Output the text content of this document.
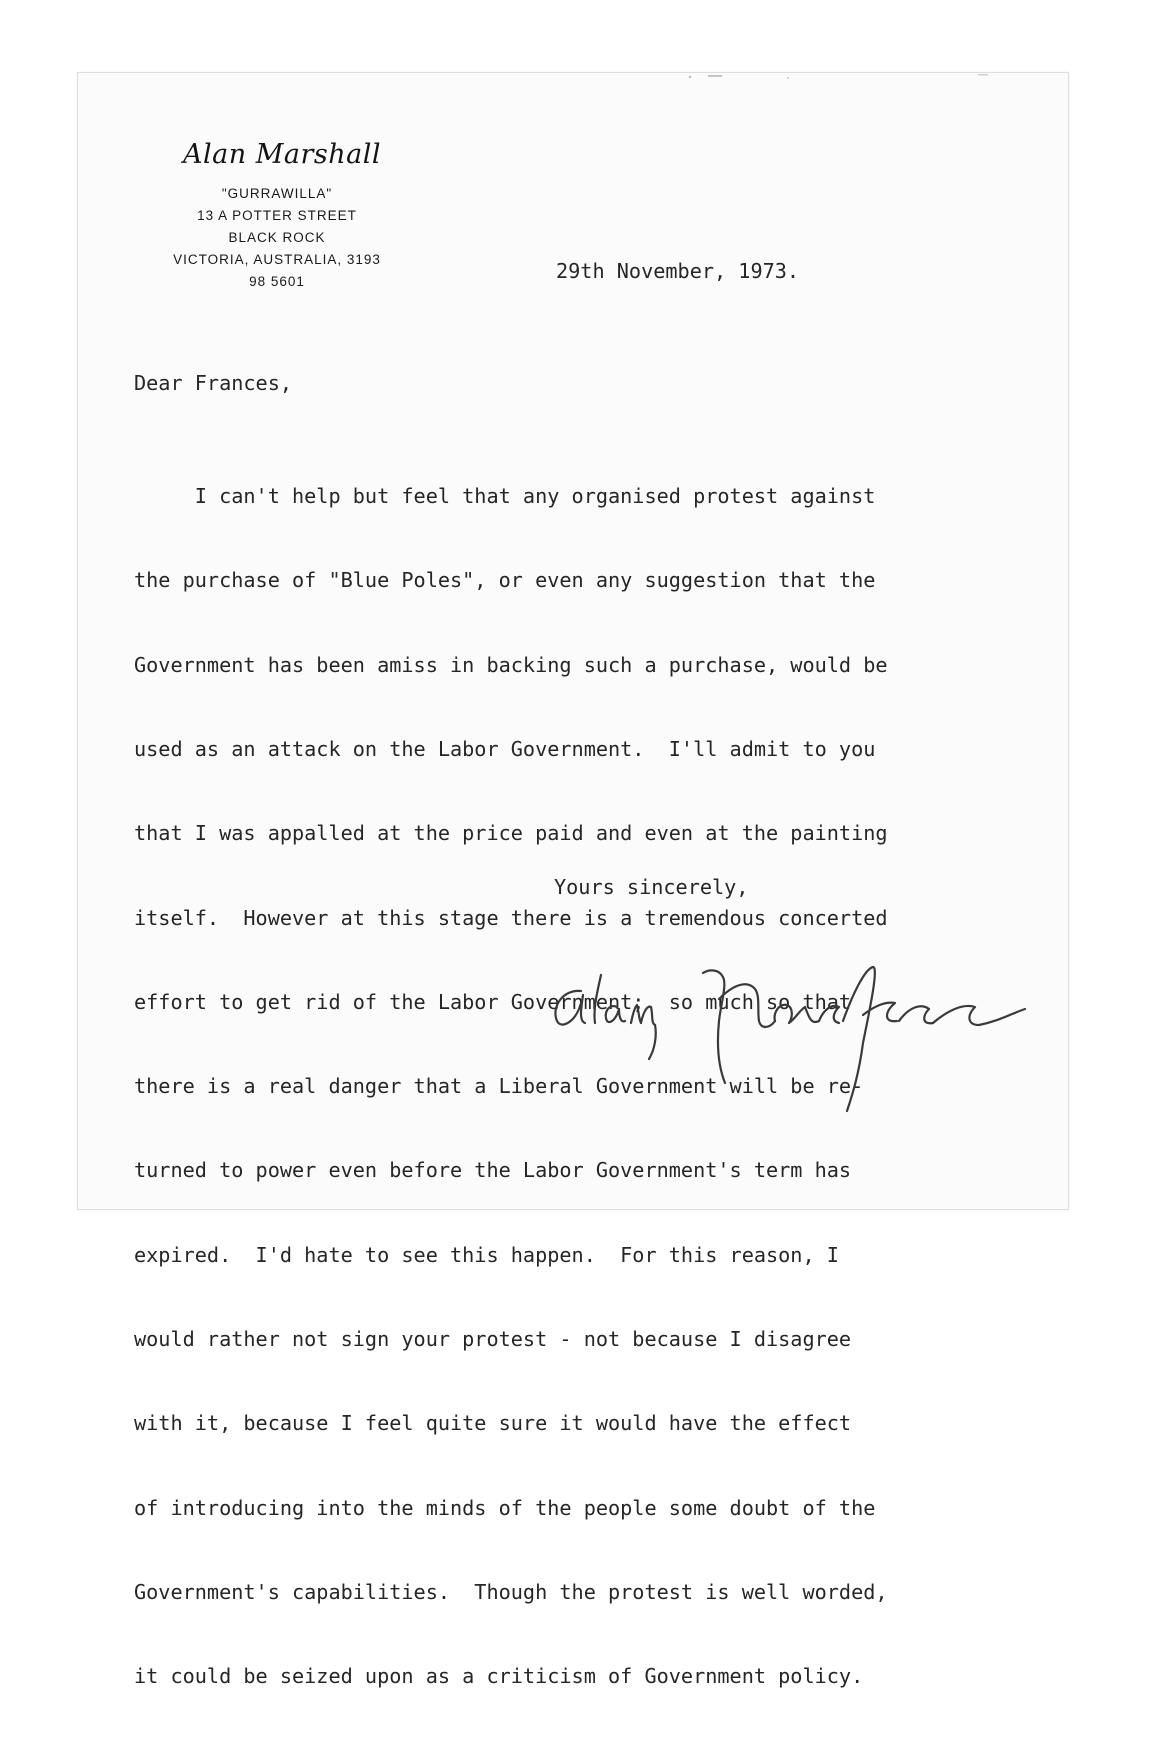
Alan Marshall
"GURRAWILLA"
13 A POTTER STREET
BLACK ROCK
VICTORIA, AUSTRALIA, 3193
98 5601	29th November, 1973.
Dear Frances,

I can't help but feel that any organised protest against

the purchase of "Blue Poles", or even any suggestion that the

Government has been amiss in backing such a purchase, would be

used as an attack on the Labor Government.  I'll admit to you

that I was appalled at the price paid and even at the painting

itself.  However at this stage there is a tremendous concerted

effort to get rid of the Labor Government;  so much so that

there is a real danger that a Liberal Government will be re-

turned to power even before the Labor Government's term has

expired.  I'd hate to see this happen.  For this reason, I

would rather not sign your protest - not because I disagree

with it, because I feel quite sure it would have the effect

of introducing into the minds of the people some doubt of the

Government's capabilities.  Though the protest is well worded,

it could be seized upon as a criticism of Government policy.

Yours sincerely,
